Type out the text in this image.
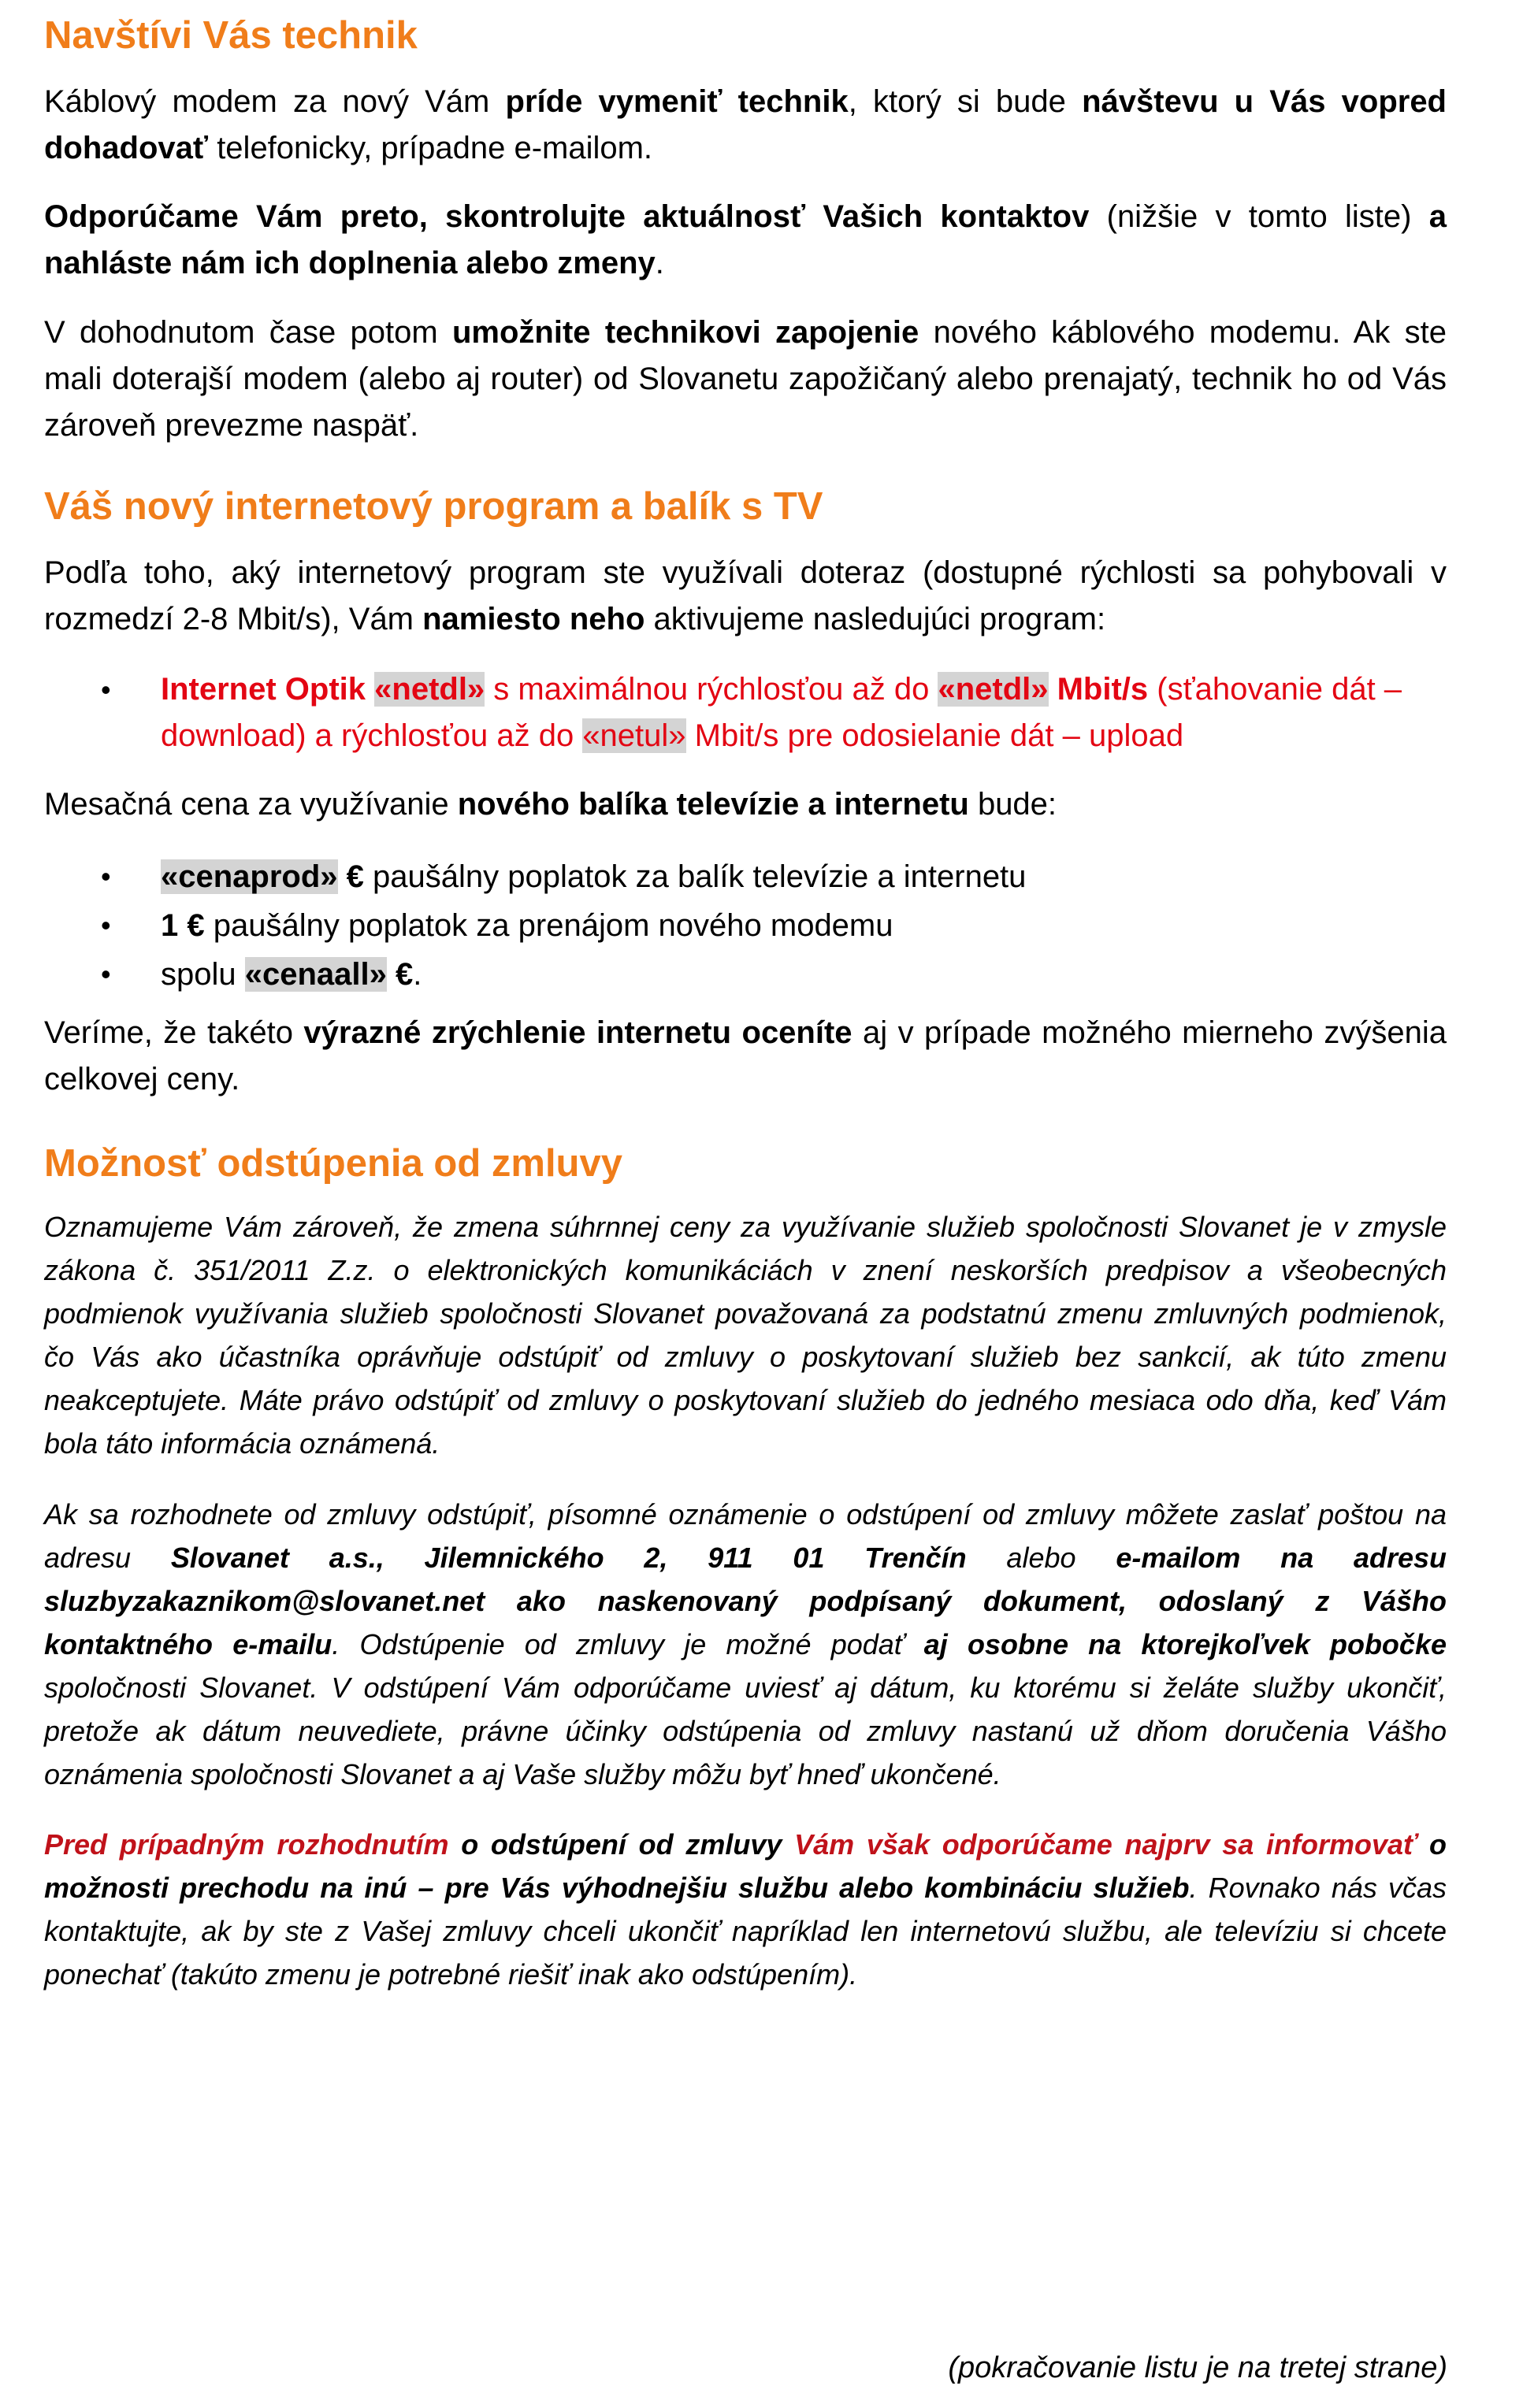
Navštívi Vás technik

Káblový modem za nový Vám príde vymeniť technik, ktorý si bude návštevu u Vás vopred dohadovať telefonicky, prípadne e-mailom.

Odporúčame Vám preto, skontrolujte aktuálnosť Vašich kontaktov (nižšie v tomto liste) a nahláste nám ich doplnenia alebo zmeny.

V dohodnutom čase potom umožnite technikovi zapojenie nového káblového modemu. Ak ste mali doterajší modem (alebo aj router) od Slovanetu zapožičaný alebo prenajatý, technik ho od Vás zároveň prevezme naspäť.

Váš nový internetový program a balík s TV

Podľa toho, aký internetový program ste využívali doteraz (dostupné rýchlosti sa pohybovali v rozmedzí 2-8 Mbit/s), Vám namiesto neho aktivujeme nasledujúci program:

• Internet Optik «netdl» s maximálnou rýchlosťou až do «netdl» Mbit/s (sťahovanie dát – download) a rýchlosťou až do «netul» Mbit/s pre odosielanie dát – upload

Mesačná cena za využívanie nového balíka televízie a internetu bude:

• «cenaprod» € paušálny poplatok za balík televízie a internetu
• 1 € paušálny poplatok za prenájom nového modemu
• spolu «cenaall» €.

Veríme, že takéto výrazné zrýchlenie internetu oceníte aj v prípade možného mierneho zvýšenia celkovej ceny.

Možnosť odstúpenia od zmluvy

Oznamujeme Vám zároveň, že zmena súhrnnej ceny za využívanie služieb spoločnosti Slovanet je v zmysle zákona č. 351/2011 Z.z. o elektronických komunikáciách v znení neskorších predpisov a všeobecných podmienok využívania služieb spoločnosti Slovanet považovaná za podstatnú zmenu zmluvných podmienok, čo Vás ako účastníka oprávňuje odstúpiť od zmluvy o poskytovaní služieb bez sankcií, ak túto zmenu neakceptujete. Máte právo odstúpiť od zmluvy o poskytovaní služieb do jedného mesiaca odo dňa, keď Vám bola táto informácia oznámená.

Ak sa rozhodnete od zmluvy odstúpiť, písomné oznámenie o odstúpení od zmluvy môžete zaslať poštou na adresu Slovanet a.s., Jilemnického 2, 911 01 Trenčín alebo e-mailom na adresu sluzbyzakaznikom@slovanet.net ako naskenovaný podpísaný dokument, odoslaný z Vášho kontaktného e-mailu. Odstúpenie od zmluvy je možné podať aj osobne na ktorejkoľvek pobočke spoločnosti Slovanet. V odstúpení Vám odporúčame uviesť aj dátum, ku ktorému si želáte služby ukončiť, pretože ak dátum neuvediete, právne účinky odstúpenia od zmluvy nastanú už dňom doručenia Vášho oznámenia spoločnosti Slovanet a aj Vaše služby môžu byť hneď ukončené.

Pred prípadným rozhodnutím o odstúpení od zmluvy Vám však odporúčame najprv sa informovať o možnosti prechodu na inú – pre Vás výhodnejšiu službu alebo kombináciu služieb. Rovnako nás včas kontaktujte, ak by ste z Vašej zmluvy chceli ukončiť napríklad len internetovú službu, ale televíziu si chcete ponechať (takúto zmenu je potrebné riešiť inak ako odstúpením).

(pokračovanie listu je na tretej strane)
